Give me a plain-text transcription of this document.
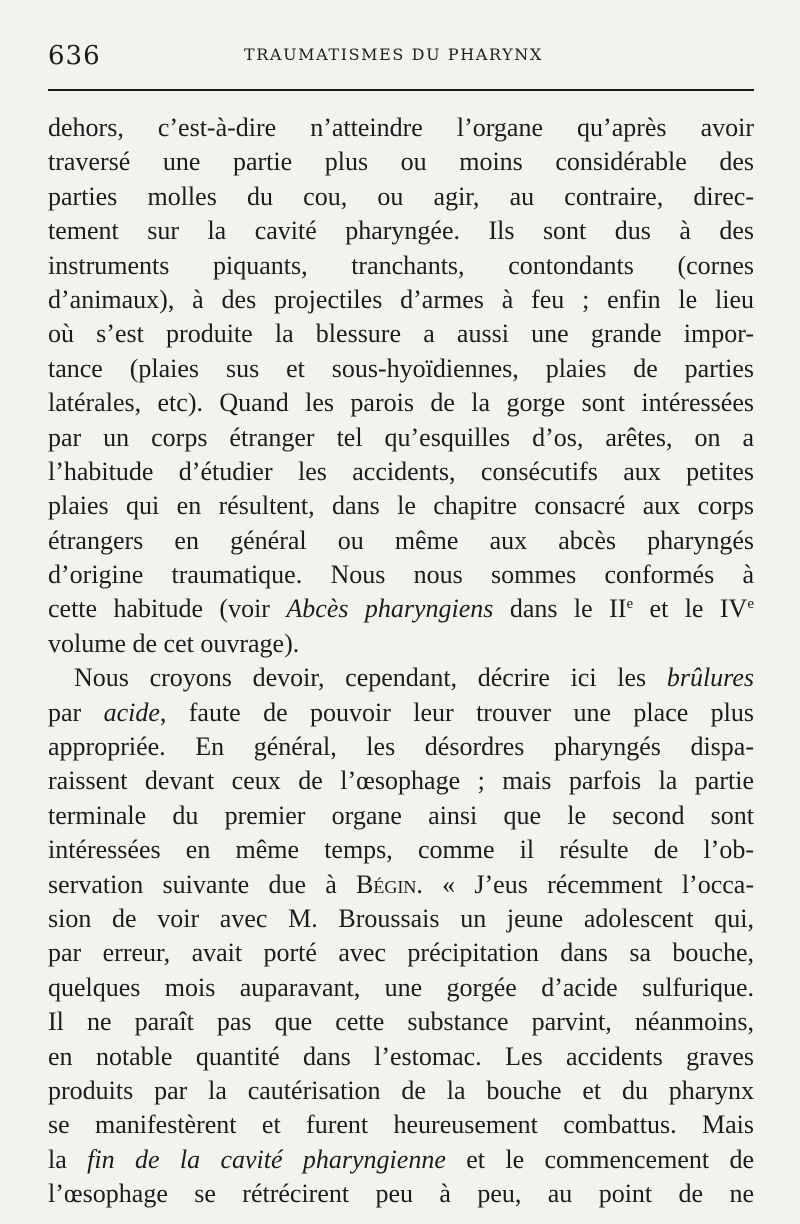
636	TRAUMATISMES DU PHARYNX
dehors, c’est-à-dire n’atteindre l’organe qu’après avoir
traversé une partie plus ou moins considérable des
parties molles du cou, ou agir, au contraire, direc-
tement sur la cavité pharyngée. Ils sont dus à des
instruments piquants, tranchants, contondants (cornes
d’animaux), à des projectiles d’armes à feu ; enfin le lieu
où s’est produite la blessure a aussi une grande impor-
tance (plaies sus et sous-hyoïdiennes, plaies de parties
latérales, etc). Quand les parois de la gorge sont intéressées
par un corps étranger tel qu’esquilles d’os, arêtes, on a
l’habitude d’étudier les accidents, consécutifs aux petites
plaies qui en résultent, dans le chapitre consacré aux corps
étrangers en général ou même aux abcès pharyngés
d’origine traumatique. Nous nous sommes conformés à
cette habitude (voir Abcès pharyngiens dans le IIe et le IVe
volume de cet ouvrage).
Nous croyons devoir, cependant, décrire ici les brûlures
par acide, faute de pouvoir leur trouver une place plus
appropriée. En général, les désordres pharyngés dispa-
raissent devant ceux de l’œsophage ; mais parfois la partie
terminale du premier organe ainsi que le second sont
intéressées en même temps, comme il résulte de l’ob-
servation suivante due à Bégin. « J’eus récemment l’occa-
sion de voir avec M. Broussais un jeune adolescent qui,
par erreur, avait porté avec précipitation dans sa bouche,
quelques mois auparavant, une gorgée d’acide sulfurique.
Il ne paraît pas que cette substance parvint, néanmoins,
en notable quantité dans l’estomac. Les accidents graves
produits par la cautérisation de la bouche et du pharynx
se manifestèrent et furent heureusement combattus. Mais
la fin de la cavité pharyngienne et le commencement de
l’œsophage se rétrécirent peu à peu, au point de ne
